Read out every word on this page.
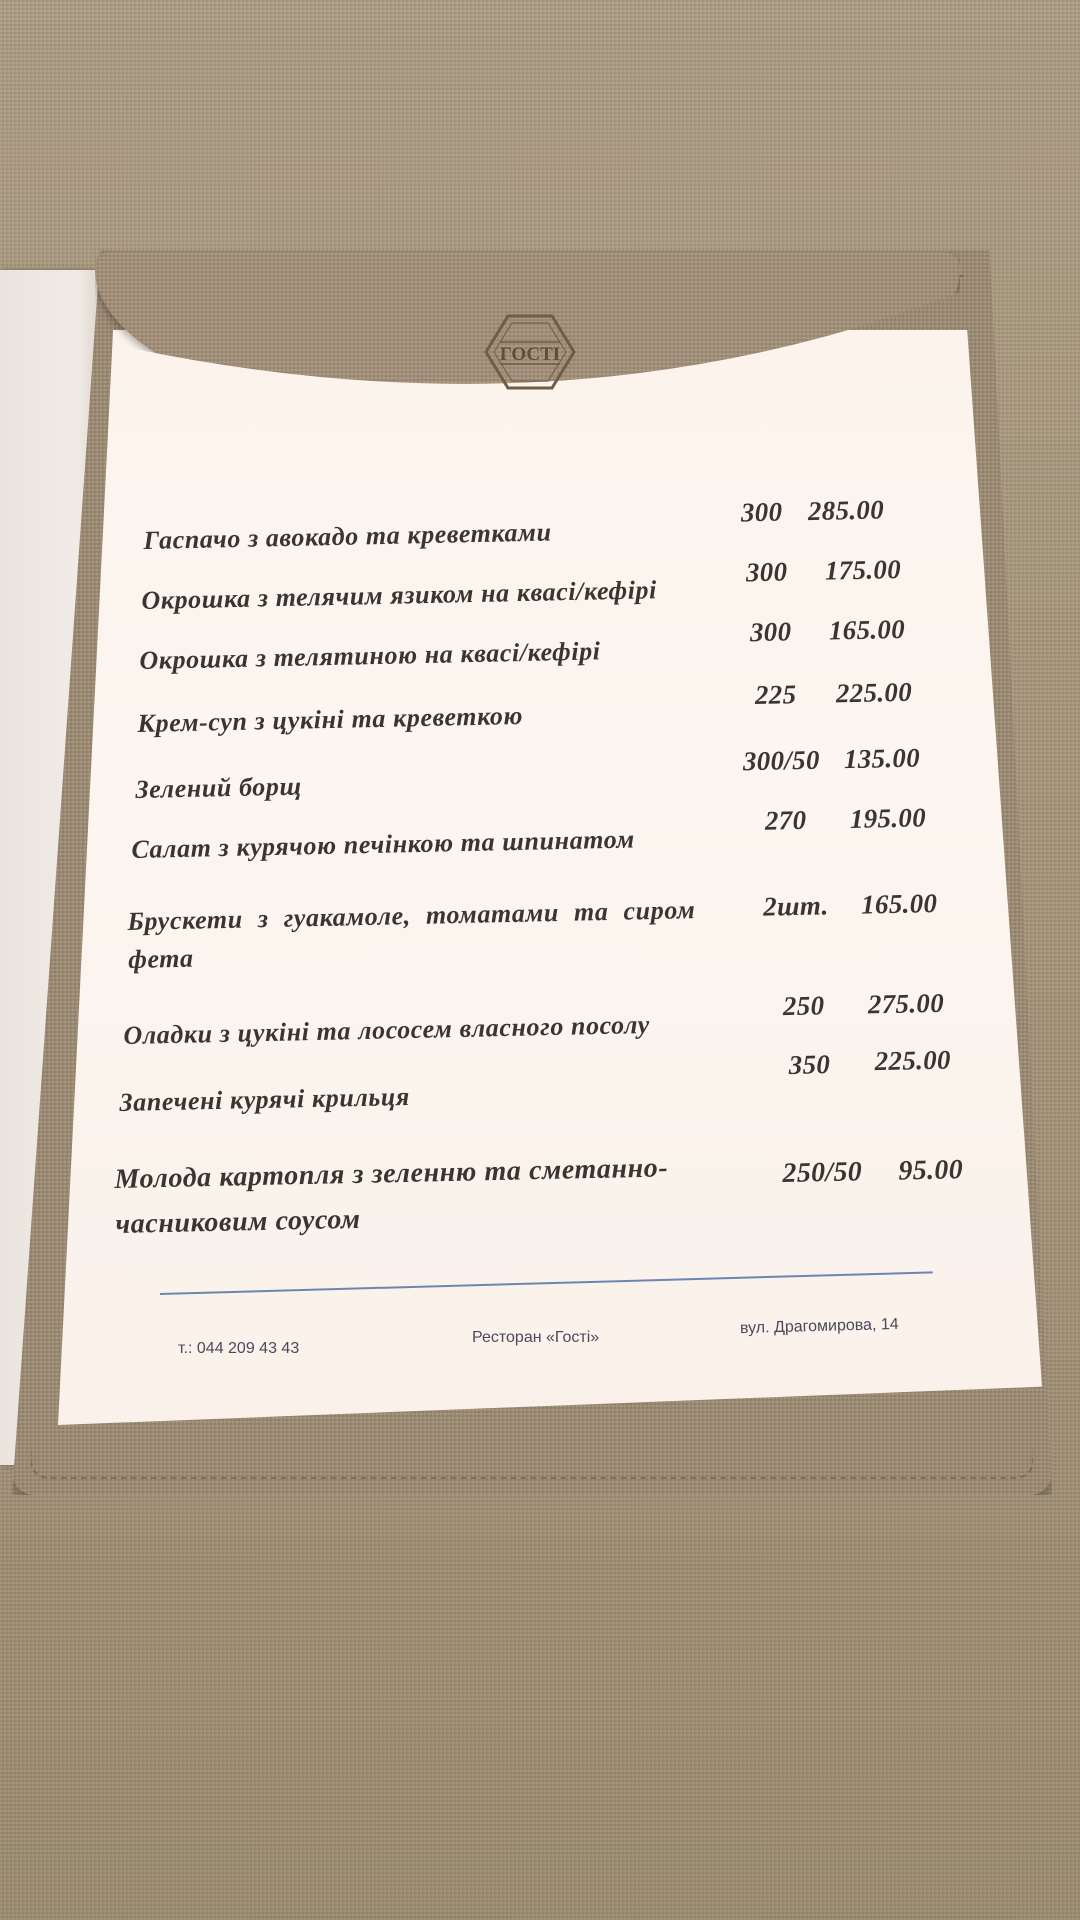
ГОСТІ
Гаспачо з авокадо та креветками
300 285.00
Окрошка з телячим язиком на квасі/кефірі
300 175.00
Окрошка з телятиною на квасі/кефірі
300 165.00
Крем-суп з цукіні та креветкою
225 225.00
Зелений борщ
300/50 135.00
Салат з курячою печінкою та шпинатом
270 195.00
Брускети з гуакамоле, томатами та сиром
фета
2шт. 165.00
Оладки з цукіні та лососем власного посолу
250 275.00
Запечені курячі крильця
350 225.00
Молода картопля з зеленню та сметанно-
часниковим соусом
250/50 95.00
т.: 044 209 43 43
Ресторан «Гості»
вул. Драгомирова, 14
